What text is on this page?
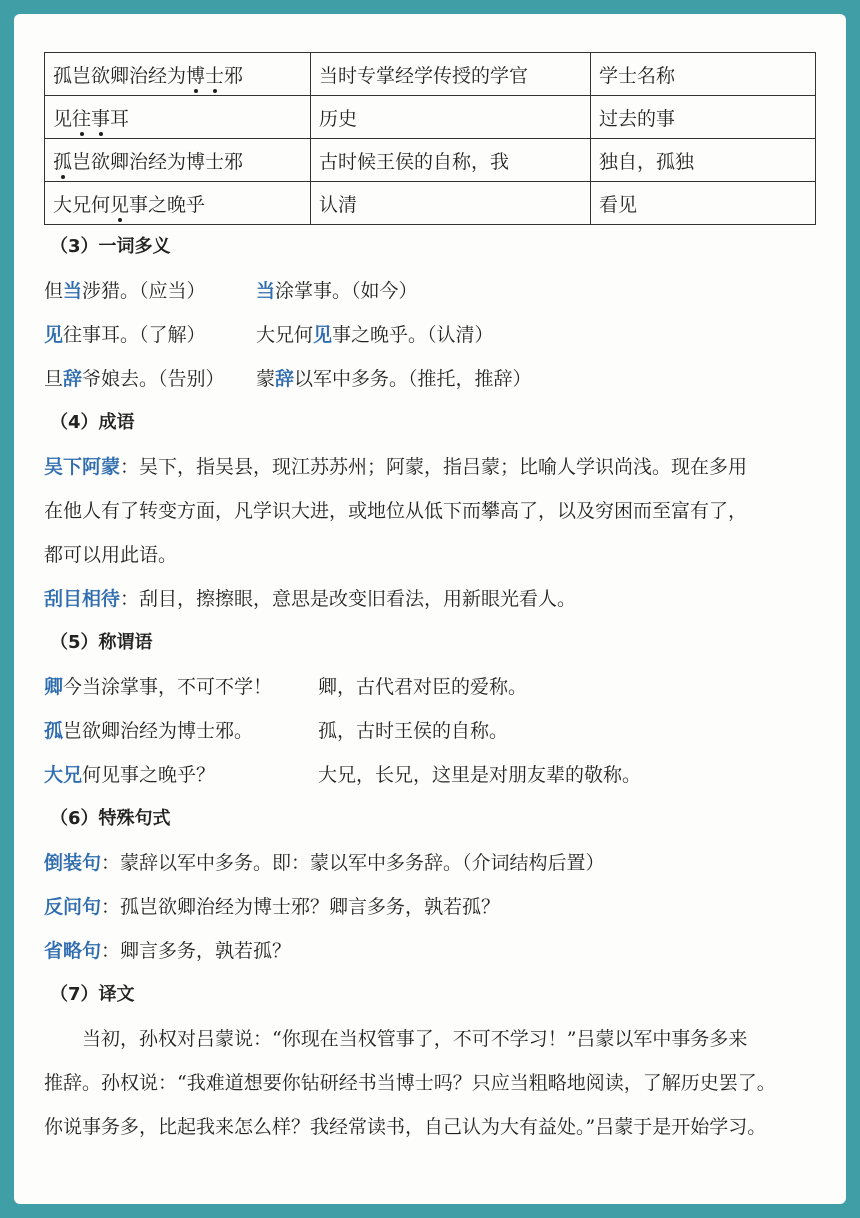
孤岂欲卿治经为博士邪	当时专掌经学传授的学官	学士名称
见往事耳	历史	过去的事
孤岂欲卿治经为博士邪	古时候王侯的自称，我	独自，孤独
大兄何见事之晚乎	认清	看见

（3）一词多义

但当涉猎。（应当）	当涂掌事。（如今）
见往事耳。（了解）	大兄何见事之晚乎。（认清）
旦辞爷娘去。（告别） 蒙辞以军中多务。（推托，推辞）

（4）成语

吴下阿蒙：吴下，指吴县，现江苏苏州；阿蒙，指吕蒙；比喻人学识尚浅。现在多用
在他人有了转变方面，凡学识大进，或地位从低下而攀高了，以及穷困而至富有了，
都可以用此语。

刮目相待：刮目，擦擦眼，意思是改变旧看法，用新眼光看人。

（5）称谓语

卿今当涂掌事，不可不学！ 卿，古代君对臣的爱称。
孤岂欲卿治经为博士邪。	孤，古时王侯的自称。
大兄何见事之晚乎？	大兄，长兄，这里是对朋友辈的敬称。

（6）特殊句式

倒装句：蒙辞以军中多务。即：蒙以军中多务辞。（介词结构后置）

反问句：孤岂欲卿治经为博士邪？卿言多务，孰若孤？

省略句：卿言多务，孰若孤？

（7）译文

当初，孙权对吕蒙说：“你现在当权管事了，不可不学习！”吕蒙以军中事务多来
推辞。孙权说：“我难道想要你钻研经书当博士吗？只应当粗略地阅读，了解历史罢了。
你说事务多，比起我来怎么样？我经常读书，自己认为大有益处。”吕蒙于是开始学习。
